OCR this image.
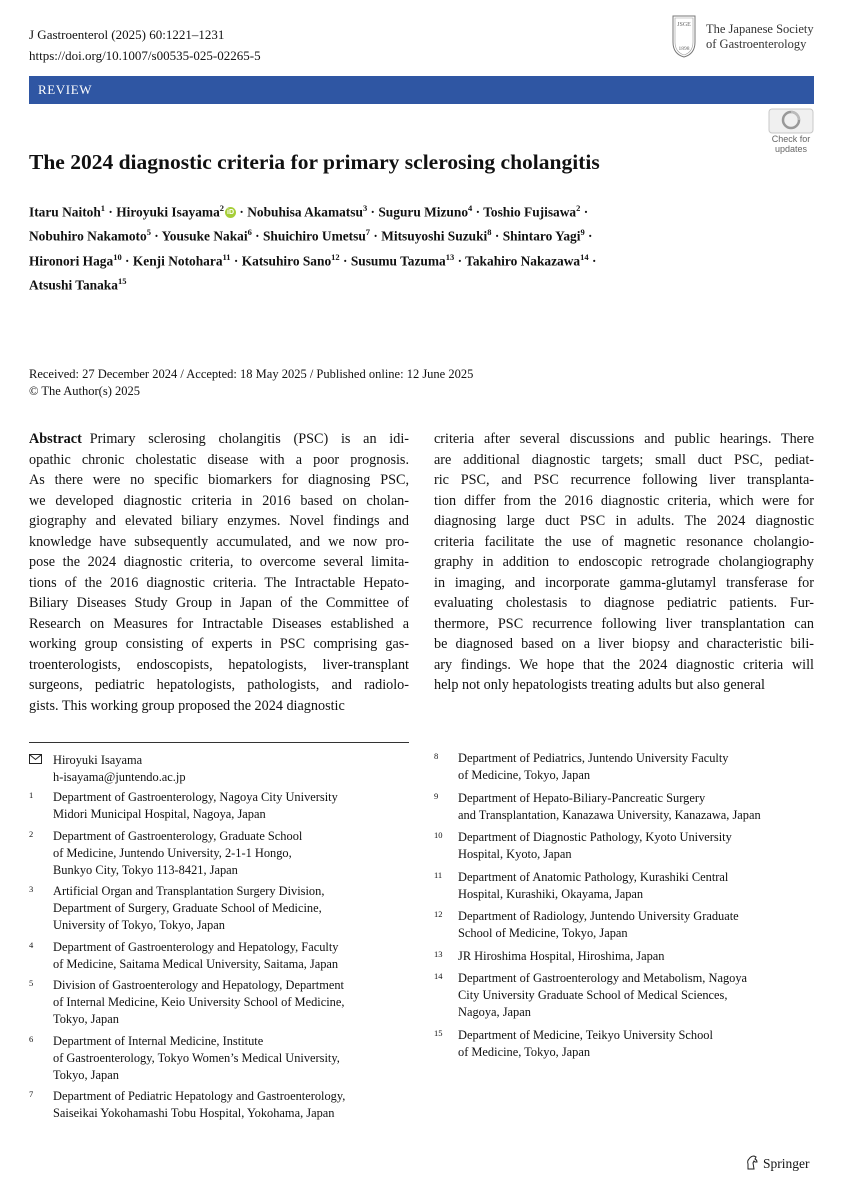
J Gastroenterol (2025) 60:1221–1231
https://doi.org/10.1007/s00535-025-02265-5
JSGE
1898
The Japanese Society
of Gastroenterology
REVIEW
Check for
updates
The 2024 diagnostic criteria for primary sclerosing cholangitis
Itaru Naitoh$^1$ · Hiroyuki Isayama$^2$ iD · Nobuhisa Akamatsu$^3$ · Suguru Mizuno$^4$ · Toshio Fujisawa$^2$ ·
Nobuhiro Nakamoto$^5$ · Yousuke Nakai$^6$ · Shuichiro Umetsu$^7$ · Mitsuyoshi Suzuki$^8$ · Shintaro Yagi$^9$ ·
Hironori Haga$^{10}$ · Kenji Notohara$^{11}$ · Katsuhiro Sano$^{12}$ · Susumu Tazuma$^{13}$ · Takahiro Nakazawa$^{14}$ ·
Atsushi Tanaka$^{15}$
Received: 27 December 2024 / Accepted: 18 May 2025 / Published online: 12 June 2025
© The Author(s) 2025
Abstract Primary sclerosing cholangitis (PSC) is an idi-
opathic chronic cholestatic disease with a poor prognosis.
As there were no specific biomarkers for diagnosing PSC,
we developed diagnostic criteria in 2016 based on cholan-
giography and elevated biliary enzymes. Novel findings and
knowledge have subsequently accumulated, and we now pro-
pose the 2024 diagnostic criteria, to overcome several limita-
tions of the 2016 diagnostic criteria. The Intractable Hepato-
Biliary Diseases Study Group in Japan of the Committee of
Research on Measures for Intractable Diseases established a
working group consisting of experts in PSC comprising gas-
troenterologists, endoscopists, hepatologists, liver-transplant
surgeons, pediatric hepatologists, pathologists, and radiolo-
gists. This working group proposed the 2024 diagnostic
criteria after several discussions and public hearings. There
are additional diagnostic targets; small duct PSC, pediat-
ric PSC, and PSC recurrence following liver transplanta-
tion differ from the 2016 diagnostic criteria, which were for
diagnosing large duct PSC in adults. The 2024 diagnostic
criteria facilitate the use of magnetic resonance cholangio-
graphy in addition to endoscopic retrograde cholangiography
in imaging, and incorporate gamma-glutamyl transferase for
evaluating cholestasis to diagnose pediatric patients. Fur-
thermore, PSC recurrence following liver transplantation can
be diagnosed based on a liver biopsy and characteristic bili-
ary findings. We hope that the 2024 diagnostic criteria will
help not only hepatologists treating adults but also general
Hiroyuki Isayama
h-isayama@juntendo.ac.jp
1 Department of Gastroenterology, Nagoya City University
Midori Municipal Hospital, Nagoya, Japan
2 Department of Gastroenterology, Graduate School
of Medicine, Juntendo University, 2-1-1 Hongo,
Bunkyo City, Tokyo 113-8421, Japan
3 Artificial Organ and Transplantation Surgery Division,
Department of Surgery, Graduate School of Medicine,
University of Tokyo, Tokyo, Japan
4 Department of Gastroenterology and Hepatology, Faculty
of Medicine, Saitama Medical University, Saitama, Japan
5 Division of Gastroenterology and Hepatology, Department
of Internal Medicine, Keio University School of Medicine,
Tokyo, Japan
6 Department of Internal Medicine, Institute
of Gastroenterology, Tokyo Women’s Medical University,
Tokyo, Japan
7 Department of Pediatric Hepatology and Gastroenterology,
Saiseikai Yokohamashi Tobu Hospital, Yokohama, Japan
8 Department of Pediatrics, Juntendo University Faculty
of Medicine, Tokyo, Japan
9 Department of Hepato-Biliary-Pancreatic Surgery
and Transplantation, Kanazawa University, Kanazawa, Japan
10 Department of Diagnostic Pathology, Kyoto University
Hospital, Kyoto, Japan
11 Department of Anatomic Pathology, Kurashiki Central
Hospital, Kurashiki, Okayama, Japan
12 Department of Radiology, Juntendo University Graduate
School of Medicine, Tokyo, Japan
13 JR Hiroshima Hospital, Hiroshima, Japan
14 Department of Gastroenterology and Metabolism, Nagoya
City University Graduate School of Medical Sciences,
Nagoya, Japan
15 Department of Medicine, Teikyo University School
of Medicine, Tokyo, Japan
Springer
